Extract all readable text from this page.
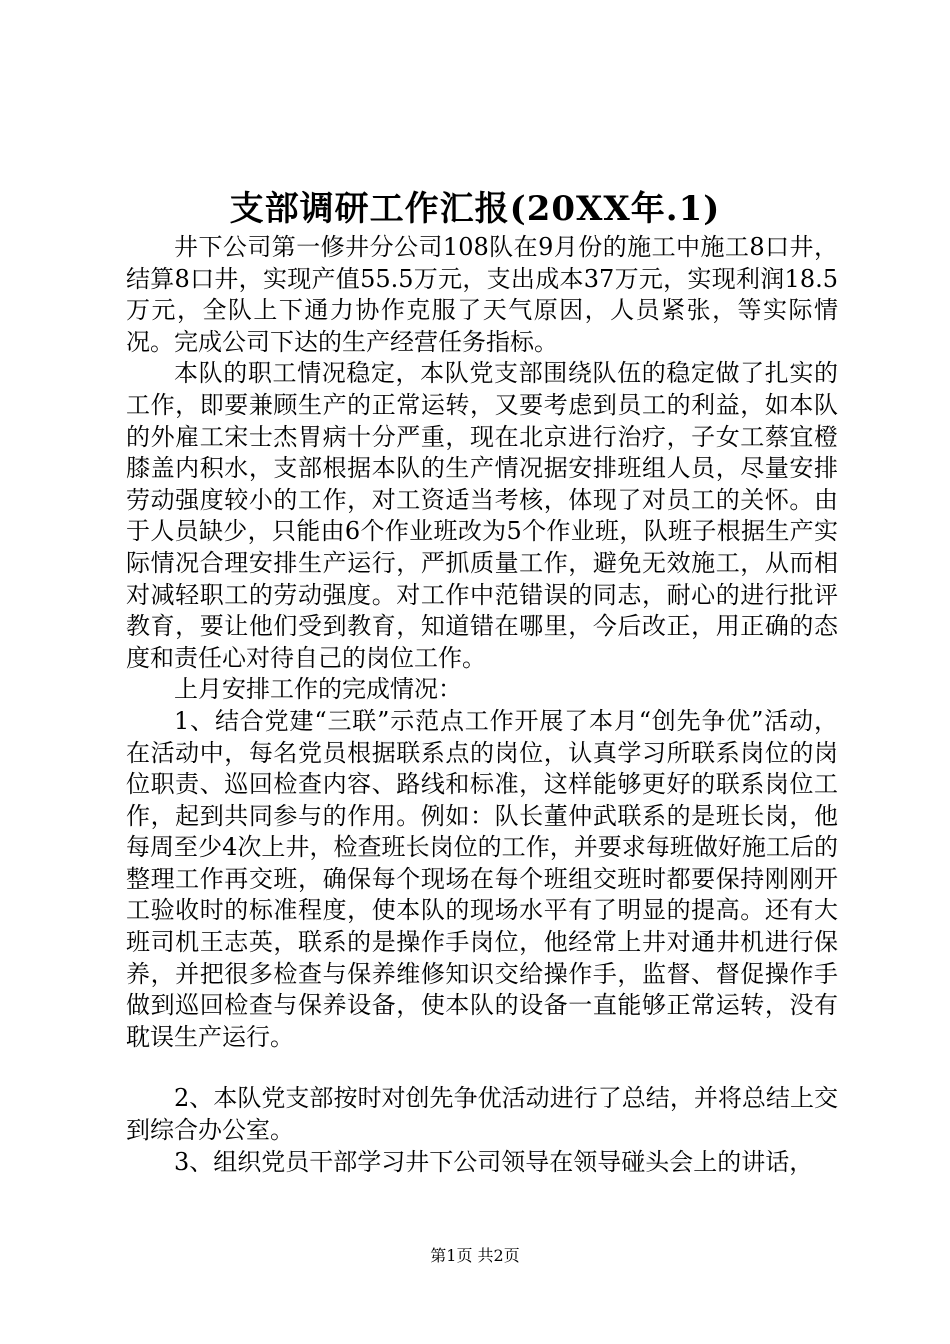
支部调研工作汇报(20XX年.1)

井下公司第一修井分公司108队在9月份的施工中施工8口井，结算8口井，实现产值55.5万元，支出成本37万元，实现利润18.5万元，全队上下通力协作克服了天气原因，人员紧张，等实际情况。完成公司下达的生产经营任务指标。

本队的职工情况稳定，本队党支部围绕队伍的稳定做了扎实的工作，即要兼顾生产的正常运转，又要考虑到员工的利益，如本队的外雇工宋士杰胃病十分严重，现在北京进行治疗，子女工蔡宜橙膝盖内积水，支部根据本队的生产情况据安排班组人员，尽量安排劳动强度较小的工作，对工资适当考核，体现了对员工的关怀。由于人员缺少，只能由6个作业班改为5个作业班，队班子根据生产实际情况合理安排生产运行，严抓质量工作，避免无效施工，从而相对减轻职工的劳动强度。对工作中范错误的同志，耐心的进行批评教育，要让他们受到教育，知道错在哪里，今后改正，用正确的态度和责任心对待自己的岗位工作。

上月安排工作的完成情况：

1、结合党建“三联”示范点工作开展了本月“创先争优”活动，在活动中，每名党员根据联系点的岗位，认真学习所联系岗位的岗位职责、巡回检查内容、路线和标准，这样能够更好的联系岗位工作，起到共同参与的作用。例如：队长董仲武联系的是班长岗，他每周至少4次上井，检查班长岗位的工作，并要求每班做好施工后的整理工作再交班，确保每个现场在每个班组交班时都要保持刚刚开工验收时的标准程度，使本队的现场水平有了明显的提高。还有大班司机王志英，联系的是操作手岗位，他经常上井对通井机进行保养，并把很多检查与保养维修知识交给操作手，监督、督促操作手做到巡回检查与保养设备，使本队的设备一直能够正常运转，没有耽误生产运行。

2、本队党支部按时对创先争优活动进行了总结，并将总结上交到综合办公室。

3、组织党员干部学习井下公司领导在领导碰头会上的讲话，

第1页 共2页
